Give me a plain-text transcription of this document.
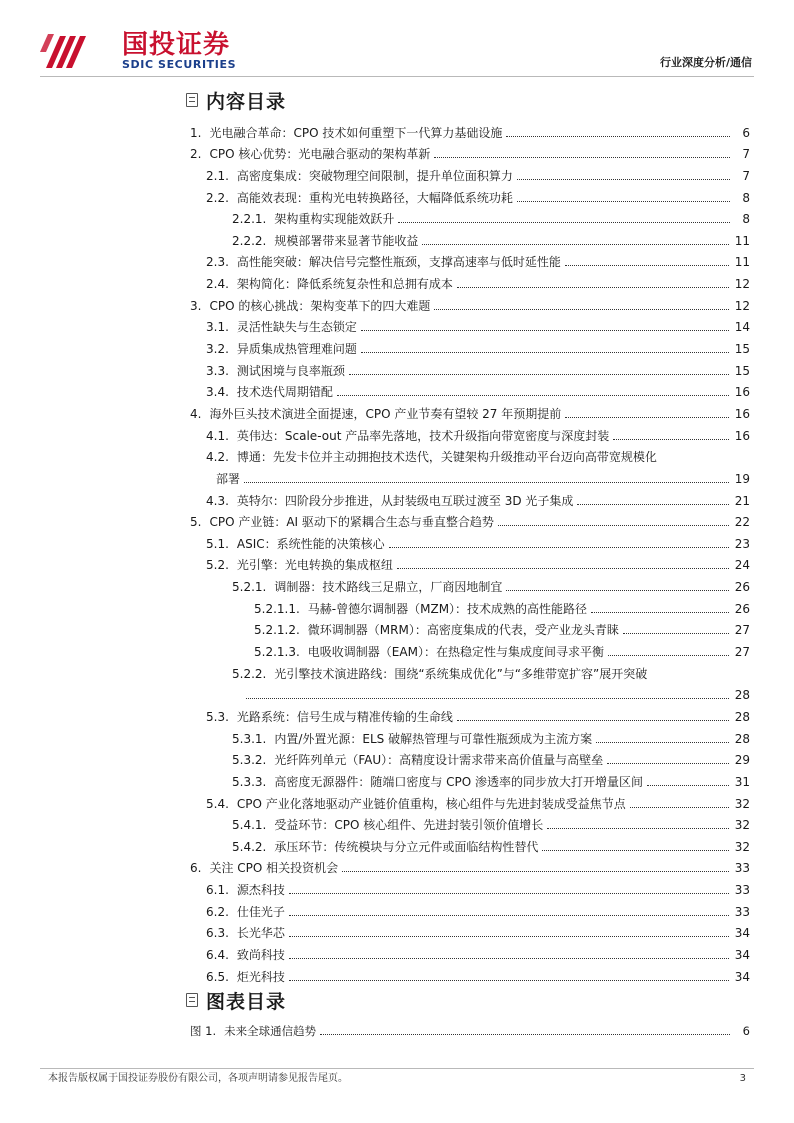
国投证券
SDIC SECURITIES	行业深度分析/通信
内容目录
1. 光电融合革命：CPO 技术如何重塑下一代算力基础设施	6
2. CPO 核心优势：光电融合驱动的架构革新	7
2.1. 高密度集成：突破物理空间限制，提升单位面积算力	7
2.2. 高能效表现：重构光电转换路径，大幅降低系统功耗	8
2.2.1. 架构重构实现能效跃升	8
2.2.2. 规模部署带来显著节能收益	11
2.3. 高性能突破：解决信号完整性瓶颈，支撑高速率与低时延性能	11
2.4. 架构简化：降低系统复杂性和总拥有成本	12
3. CPO 的核心挑战：架构变革下的四大难题	12
3.1. 灵活性缺失与生态锁定	14
3.2. 异质集成热管理难问题	15
3.3. 测试困境与良率瓶颈	15
3.4. 技术迭代周期错配	16
4. 海外巨头技术演进全面提速，CPO 产业节奏有望较 27 年预期提前	16
4.1. 英伟达：Scale-out 产品率先落地，技术升级指向带宽密度与深度封装	16
4.2. 博通：先发卡位并主动拥抱技术迭代，关键架构升级推动平台迈向高带宽规模化
部署	19
4.3. 英特尔：四阶段分步推进，从封装级电互联过渡至 3D 光子集成	21
5. CPO 产业链：AI 驱动下的紧耦合生态与垂直整合趋势	22
5.1. ASIC：系统性能的决策核心	23
5.2. 光引擎：光电转换的集成枢纽	24
5.2.1. 调制器：技术路线三足鼎立，厂商因地制宜	26
5.2.1.1. 马赫-曾德尔调制器（MZM）：技术成熟的高性能路径	26
5.2.1.2. 微环调制器（MRM）：高密度集成的代表，受产业龙头青睐	27
5.2.1.3. 电吸收调制器（EAM）：在热稳定性与集成度间寻求平衡	27
5.2.2. 光引擎技术演进路线：围绕“系统集成优化”与“多维带宽扩容”展开突破
28
5.3. 光路系统：信号生成与精准传输的生命线	28
5.3.1. 内置/外置光源：ELS 破解热管理与可靠性瓶颈成为主流方案	28
5.3.2. 光纤阵列单元（FAU）：高精度设计需求带来高价值量与高壁垒	29
5.3.3. 高密度无源器件：随端口密度与 CPO 渗透率的同步放大打开增量区间	31
5.4. CPO 产业化落地驱动产业链价值重构，核心组件与先进封装成受益焦节点	32
5.4.1. 受益环节：CPO 核心组件、先进封装引领价值增长	32
5.4.2. 承压环节：传统模块与分立元件或面临结构性替代	32
6. 关注 CPO 相关投资机会	33
6.1. 源杰科技	33
6.2. 仕佳光子	33
6.3. 长光华芯	34
6.4. 致尚科技	34
6.5. 炬光科技	34
图表目录
图 1. 未来全球通信趋势	6
本报告版权属于国投证券股份有限公司，各项声明请参见报告尾页。	3
